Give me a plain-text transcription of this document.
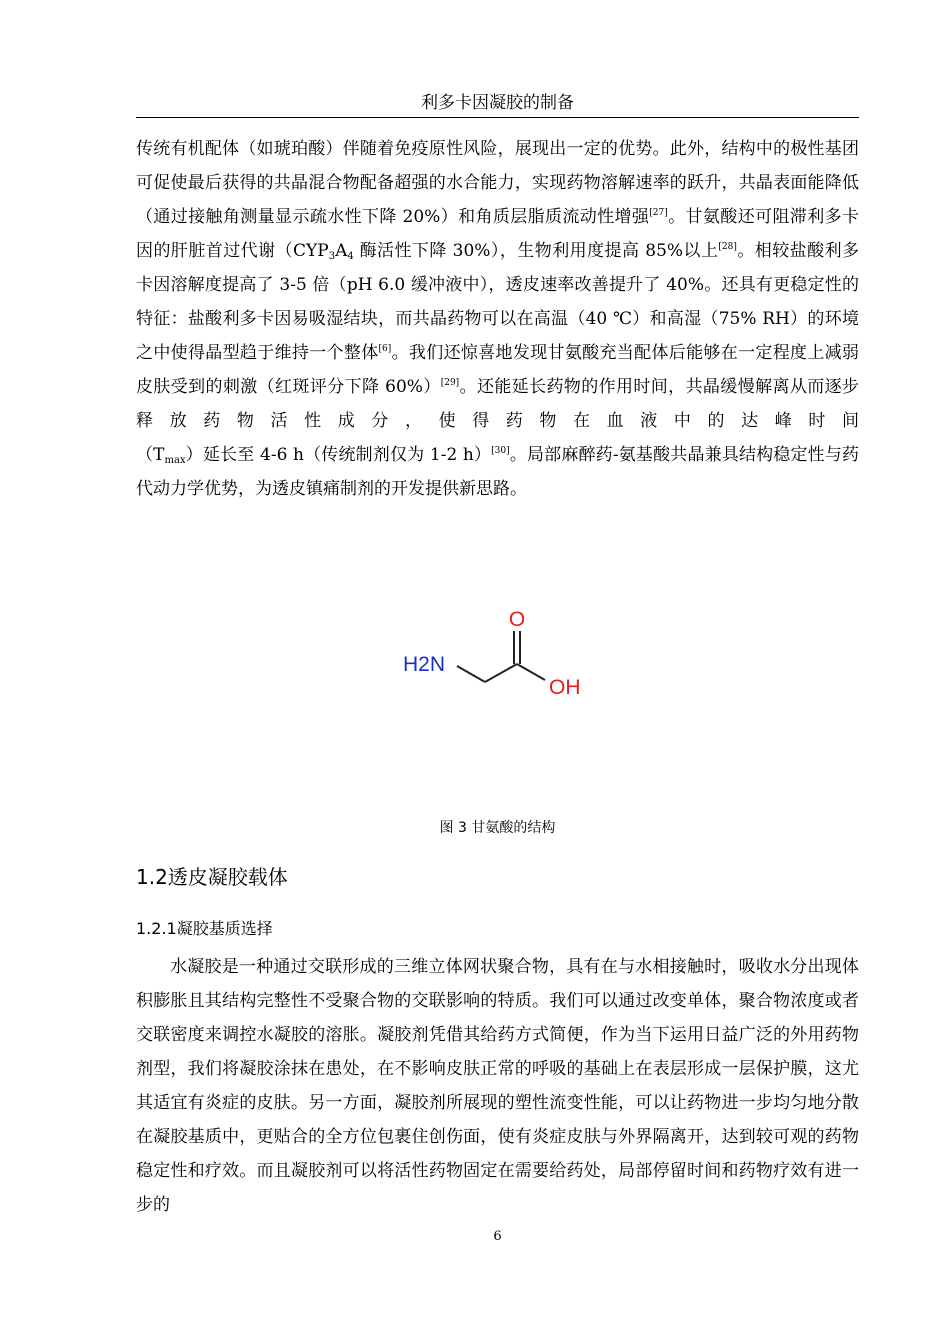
利多卡因凝胶的制备

传统有机配体（如琥珀酸）伴随着免疫原性风险，展现出一定的优势。此外，结构中的极性基团可促使最后获得的共晶混合物配备超强的水合能力，实现药物溶解速率的跃升，共晶表面能降低（通过接触角测量显示疏水性下降 20%）和角质层脂质流动性增强[27]。甘氨酸还可阻滞利多卡因的肝脏首过代谢（$CYP_3A_4$ 酶活性下降 30%），生物利用度提高 85%以上[28]。相较盐酸利多卡因溶解度提高了 3-5 倍（pH 6.0 缓冲液中），透皮速率改善提升了 40%。还具有更稳定性的特征：盐酸利多卡因易吸湿结块，而共晶药物可以在高温（40 ℃）和高湿（75% RH）的环境之中使得晶型趋于维持一个整体[6]。我们还惊喜地发现甘氨酸充当配体后能够在一定程度上减弱皮肤受到的刺激（红斑评分下降 60%）[29]。还能延长药物的作用时间，共晶缓慢解离从而逐步释放药物活性成分，使得药物在血液中的达峰时间$(T_{max})$延长至 4-6 h（传统制剂仅为 1-2 h）[30]。局部麻醉药-氨基酸共晶兼具结构稳定性与药代动力学优势，为透皮镇痛制剂的开发提供新思路。

O
H2N
OH
图 3 甘氨酸的结构
1.2透皮凝胶载体
1.2.1凝胶基质选择

水凝胶是一种通过交联形成的三维立体网状聚合物，具有在与水相接触时，吸收水分出现体积膨胀且其结构完整性不受聚合物的交联影响的特质。我们可以通过改变单体，聚合物浓度或者交联密度来调控水凝胶的溶胀。凝胶剂凭借其给药方式简便，作为当下运用日益广泛的外用药物剂型，我们将凝胶涂抹在患处，在不影响皮肤正常的呼吸的基础上在表层形成一层保护膜，这尤其适宜有炎症的皮肤。另一方面，凝胶剂所展现的塑性流变性能，可以让药物进一步均匀地分散在凝胶基质中，更贴合的全方位包裹住创伤面，使有炎症皮肤与外界隔离开，达到较可观的药物稳定性和疗效。而且凝胶剂可以将活性药物固定在需要给药处，局部停留时间和药物疗效有进一步的

6
